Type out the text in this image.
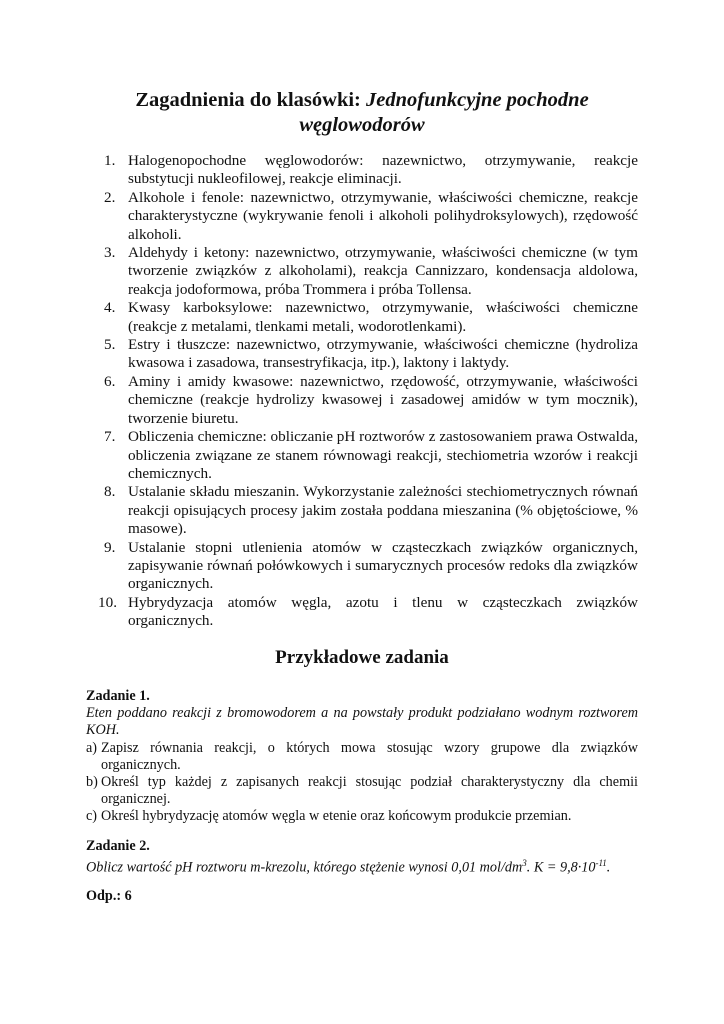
Zagadnienia do klasówki: Jednofunkcyjne pochodne węglowodorów
1. Halogenopochodne węglowodorów: nazewnictwo, otrzymywanie, reakcje substytucji nukleofilowej, reakcje eliminacji.
2. Alkohole i fenole: nazewnictwo, otrzymywanie, właściwości chemiczne, reakcje charakterystyczne (wykrywanie fenoli i alkoholi polihydroksylowych), rzędowość alkoholi.
3. Aldehydy i ketony: nazewnictwo, otrzymywanie, właściwości chemiczne (w tym tworzenie związków z alkoholami), reakcja Cannizzaro, kondensacja aldolowa, reakcja jodoformowa, próba Trommera i próba Tollensa.
4. Kwasy karboksylowe: nazewnictwo, otrzymywanie, właściwości chemiczne (reakcje z metalami, tlenkami metali, wodorotlenkami).
5. Estry i tłuszcze: nazewnictwo, otrzymywanie, właściwości chemiczne (hydroliza kwasowa i zasadowa, transestryfikacja, itp.), laktony i laktydy.
6. Aminy i amidy kwasowe: nazewnictwo, rzędowość, otrzymywanie, właściwości chemiczne (reakcje hydrolizy kwasowej i zasadowej amidów w tym mocznik), tworzenie biuretu.
7. Obliczenia chemiczne: obliczanie pH roztworów z zastosowaniem prawa Ostwalda, obliczenia związane ze stanem równowagi reakcji, stechiometria wzorów i reakcji chemicznych.
8. Ustalanie składu mieszanin. Wykorzystanie zależności stechiometrycznych równań reakcji opisujących procesy jakim została poddana mieszanina (% objętościowe, % masowe).
9. Ustalanie stopni utlenienia atomów w cząsteczkach związków organicznych, zapisywanie równań połówkowych i sumarycznych procesów redoks dla związków organicznych.
10. Hybrydyzacja atomów węgla, azotu i tlenu w cząsteczkach związków organicznych.
Przykładowe zadania
Zadanie 1.
Eten poddano reakcji z bromowodorem a na powstały produkt podziałano wodnym roztworem KOH.
a) Zapisz równania reakcji, o których mowa stosując wzory grupowe dla związków organicznych.
b) Określ typ każdej z zapisanych reakcji stosując podział charakterystyczny dla chemii organicznej.
c) Określ hybrydyzację atomów węgla w etenie oraz końcowym produkcie przemian.
Zadanie 2.
Oblicz wartość pH roztworu m-krezolu, którego stężenie wynosi 0,01 mol/$dm^3$. $K = 9,8\cdot 10^{-11}$.
Odp.: 6
